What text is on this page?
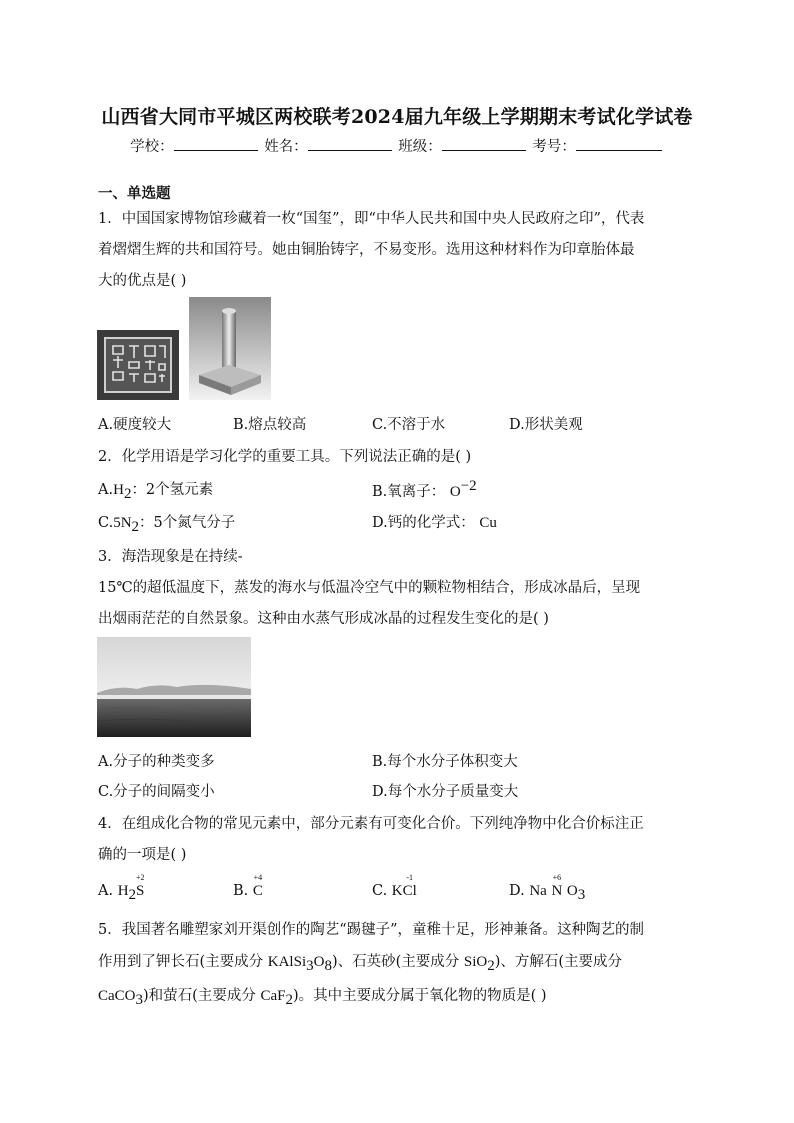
山西省大同市平城区两校联考2024届九年级上学期期末考试化学试卷
学校：	姓名：	班级：	考号：
一、单选题
1．中国国家博物馆珍藏着一枚“国玺”，即“中华人民共和国中央人民政府之印”，代表
着熠熠生辉的共和国符号。她由铜胎铸字，不易变形。选用这种材料作为印章胎体最
大的优点是( )
A.硬度较大	B.熔点较高	C.不溶于水	D.形状美观
2．化学用语是学习化学的重要工具。下列说法正确的是( )
$A.H_2$：2个氢元素	B.氧离子： $O^{-2}$
$C.5N_2$：5个氮气分子	D.钙的化学式： Cu
3．海浩现象是在持续-
15℃的超低温度下，蒸发的海水与低温冷空气中的颗粒物相结合，形成冰晶后，呈现
出烟雨茫茫的自然景象。这种由水蒸气形成冰晶的过程发生变化的是( )
A.分子的种类变多	B.每个水分子体积变大
C.分子的间隔变小	D.每个水分子质量变大
4．在组成化合物的常见元素中，部分元素有可变化合价。下列纯净物中化合价标注正
确的一项是( )
A. $H_2$
+2
S	B.
+4
C	C. K
-1
Cl	D. Na
+6
N $O_3$
5．我国著名雕塑家刘开渠创作的陶艺“踢毽子”，童稚十足，形神兼备。这种陶艺的制
作用到了钾长石(主要成分 $KAlSi_3O_8$)、石英砂(主要成分 SiO$_2$)、方解石(主要成分
CaCO$_3$)和萤石(主要成分 CaF$_2$)。其中主要成分属于氧化物的物质是( )
